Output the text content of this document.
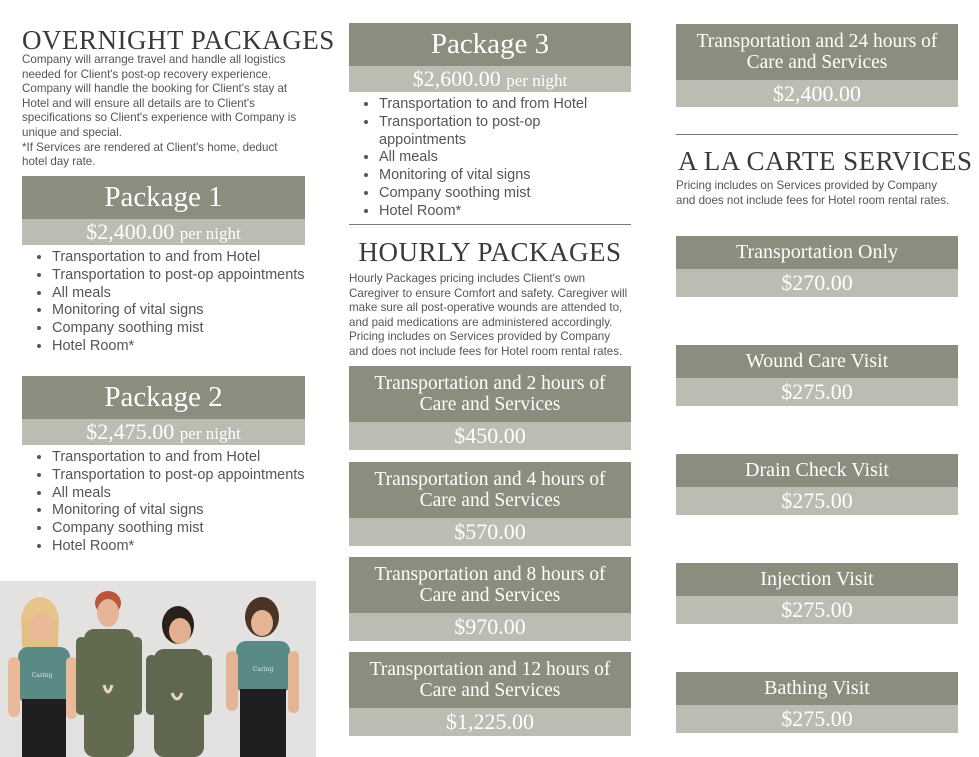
OVERNIGHT PACKAGES
Company will arrange travel and handle all logistics needed for Client's post-op recovery experience. Company will handle the booking for Client's stay at Hotel and will ensure all details are to Client's specifications so Client's experience with Company is unique and special.
*If Services are rendered at Client's home, deduct hotel day rate.
Package 1
$2,400.00 per night
• Transportation to and from Hotel
• Transportation to post-op appointments
• All meals
• Monitoring of vital signs
• Company soothing mist
• Hotel Room*
Package 2
$2,475.00 per night
• Transportation to and from Hotel
• Transportation to post-op appointments
• All meals
• Monitoring of vital signs
• Company soothing mist
• Hotel Room*
Caring
Caring
Package 3
$2,600.00 per night
• Transportation to and from Hotel
• Transportation to post-op appointments
• All meals
• Monitoring of vital signs
• Company soothing mist
• Hotel Room*
HOURLY PACKAGES
Hourly Packages pricing includes Client's own Caregiver to ensure Comfort and safety. Caregiver will make sure all post-operative wounds are attended to, and paid medications are administered accordingly. Pricing includes on Services provided by Company and does not include fees for Hotel room rental rates.
Transportation and 2 hours of Care and Services
$450.00
Transportation and 4 hours of Care and Services
$570.00
Transportation and 8 hours of Care and Services
$970.00
Transportation and 12 hours of Care and Services
$1,225.00
Transportation and 24 hours of Care and Services
$2,400.00
A LA CARTE SERVICES
Pricing includes on Services provided by Company and does not include fees for Hotel room rental rates.
Transportation Only
$270.00
Wound Care Visit
$275.00
Drain Check Visit
$275.00
Injection Visit
$275.00
Bathing Visit
$275.00
